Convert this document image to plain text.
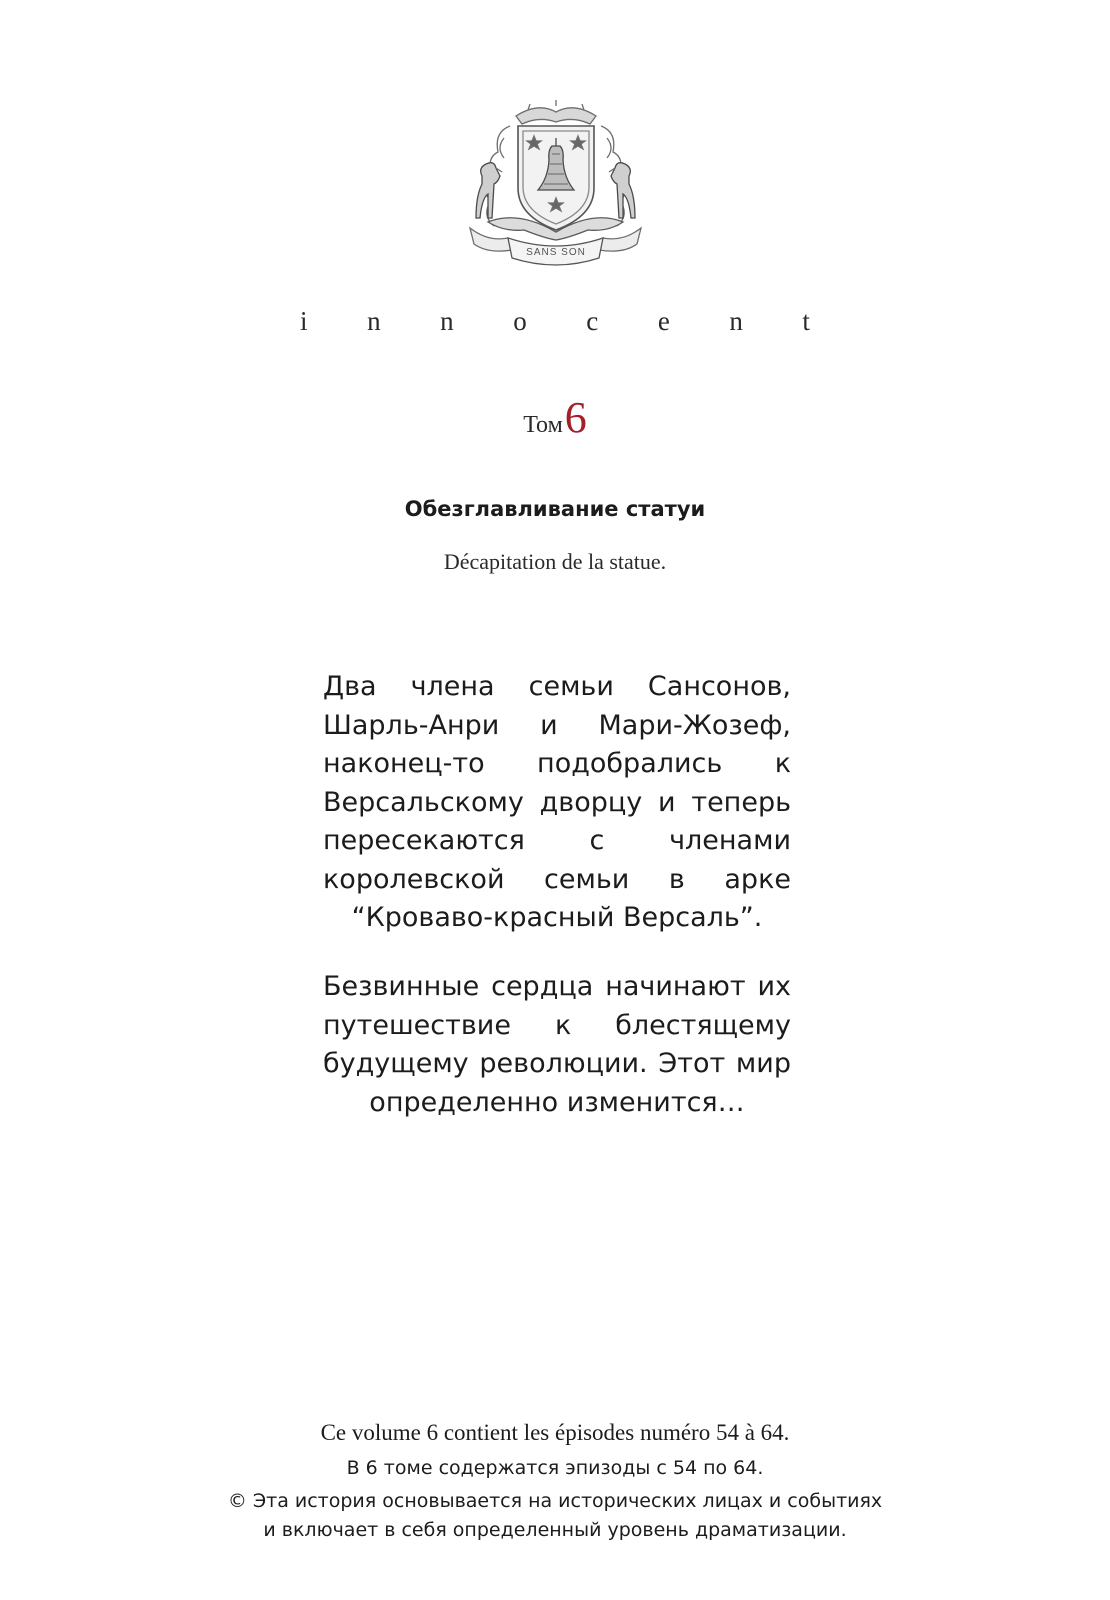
SANS SON
i n n o c e n t
Том6
Обезглавливание статуи
Décapitation de la statue.

Два члена семьи Сансонов, Шарль-Анри и Мари-Жозеф, наконец-то подобрались к Версальскому дворцу и теперь пересекаются с членами королевской семьи в арке “Кроваво-красный Версаль”.

Безвинные сердца начинают их путешествие к блестящему будущему революции. Этот мир определенно изменится…

Ce volume 6 contient les épisodes numéro 54 à 64.
В 6 томе содержатся эпизоды с 54 по 64.
© Эта история основывается на исторических лицах и событиях
и включает в себя определенный уровень драматизации.
